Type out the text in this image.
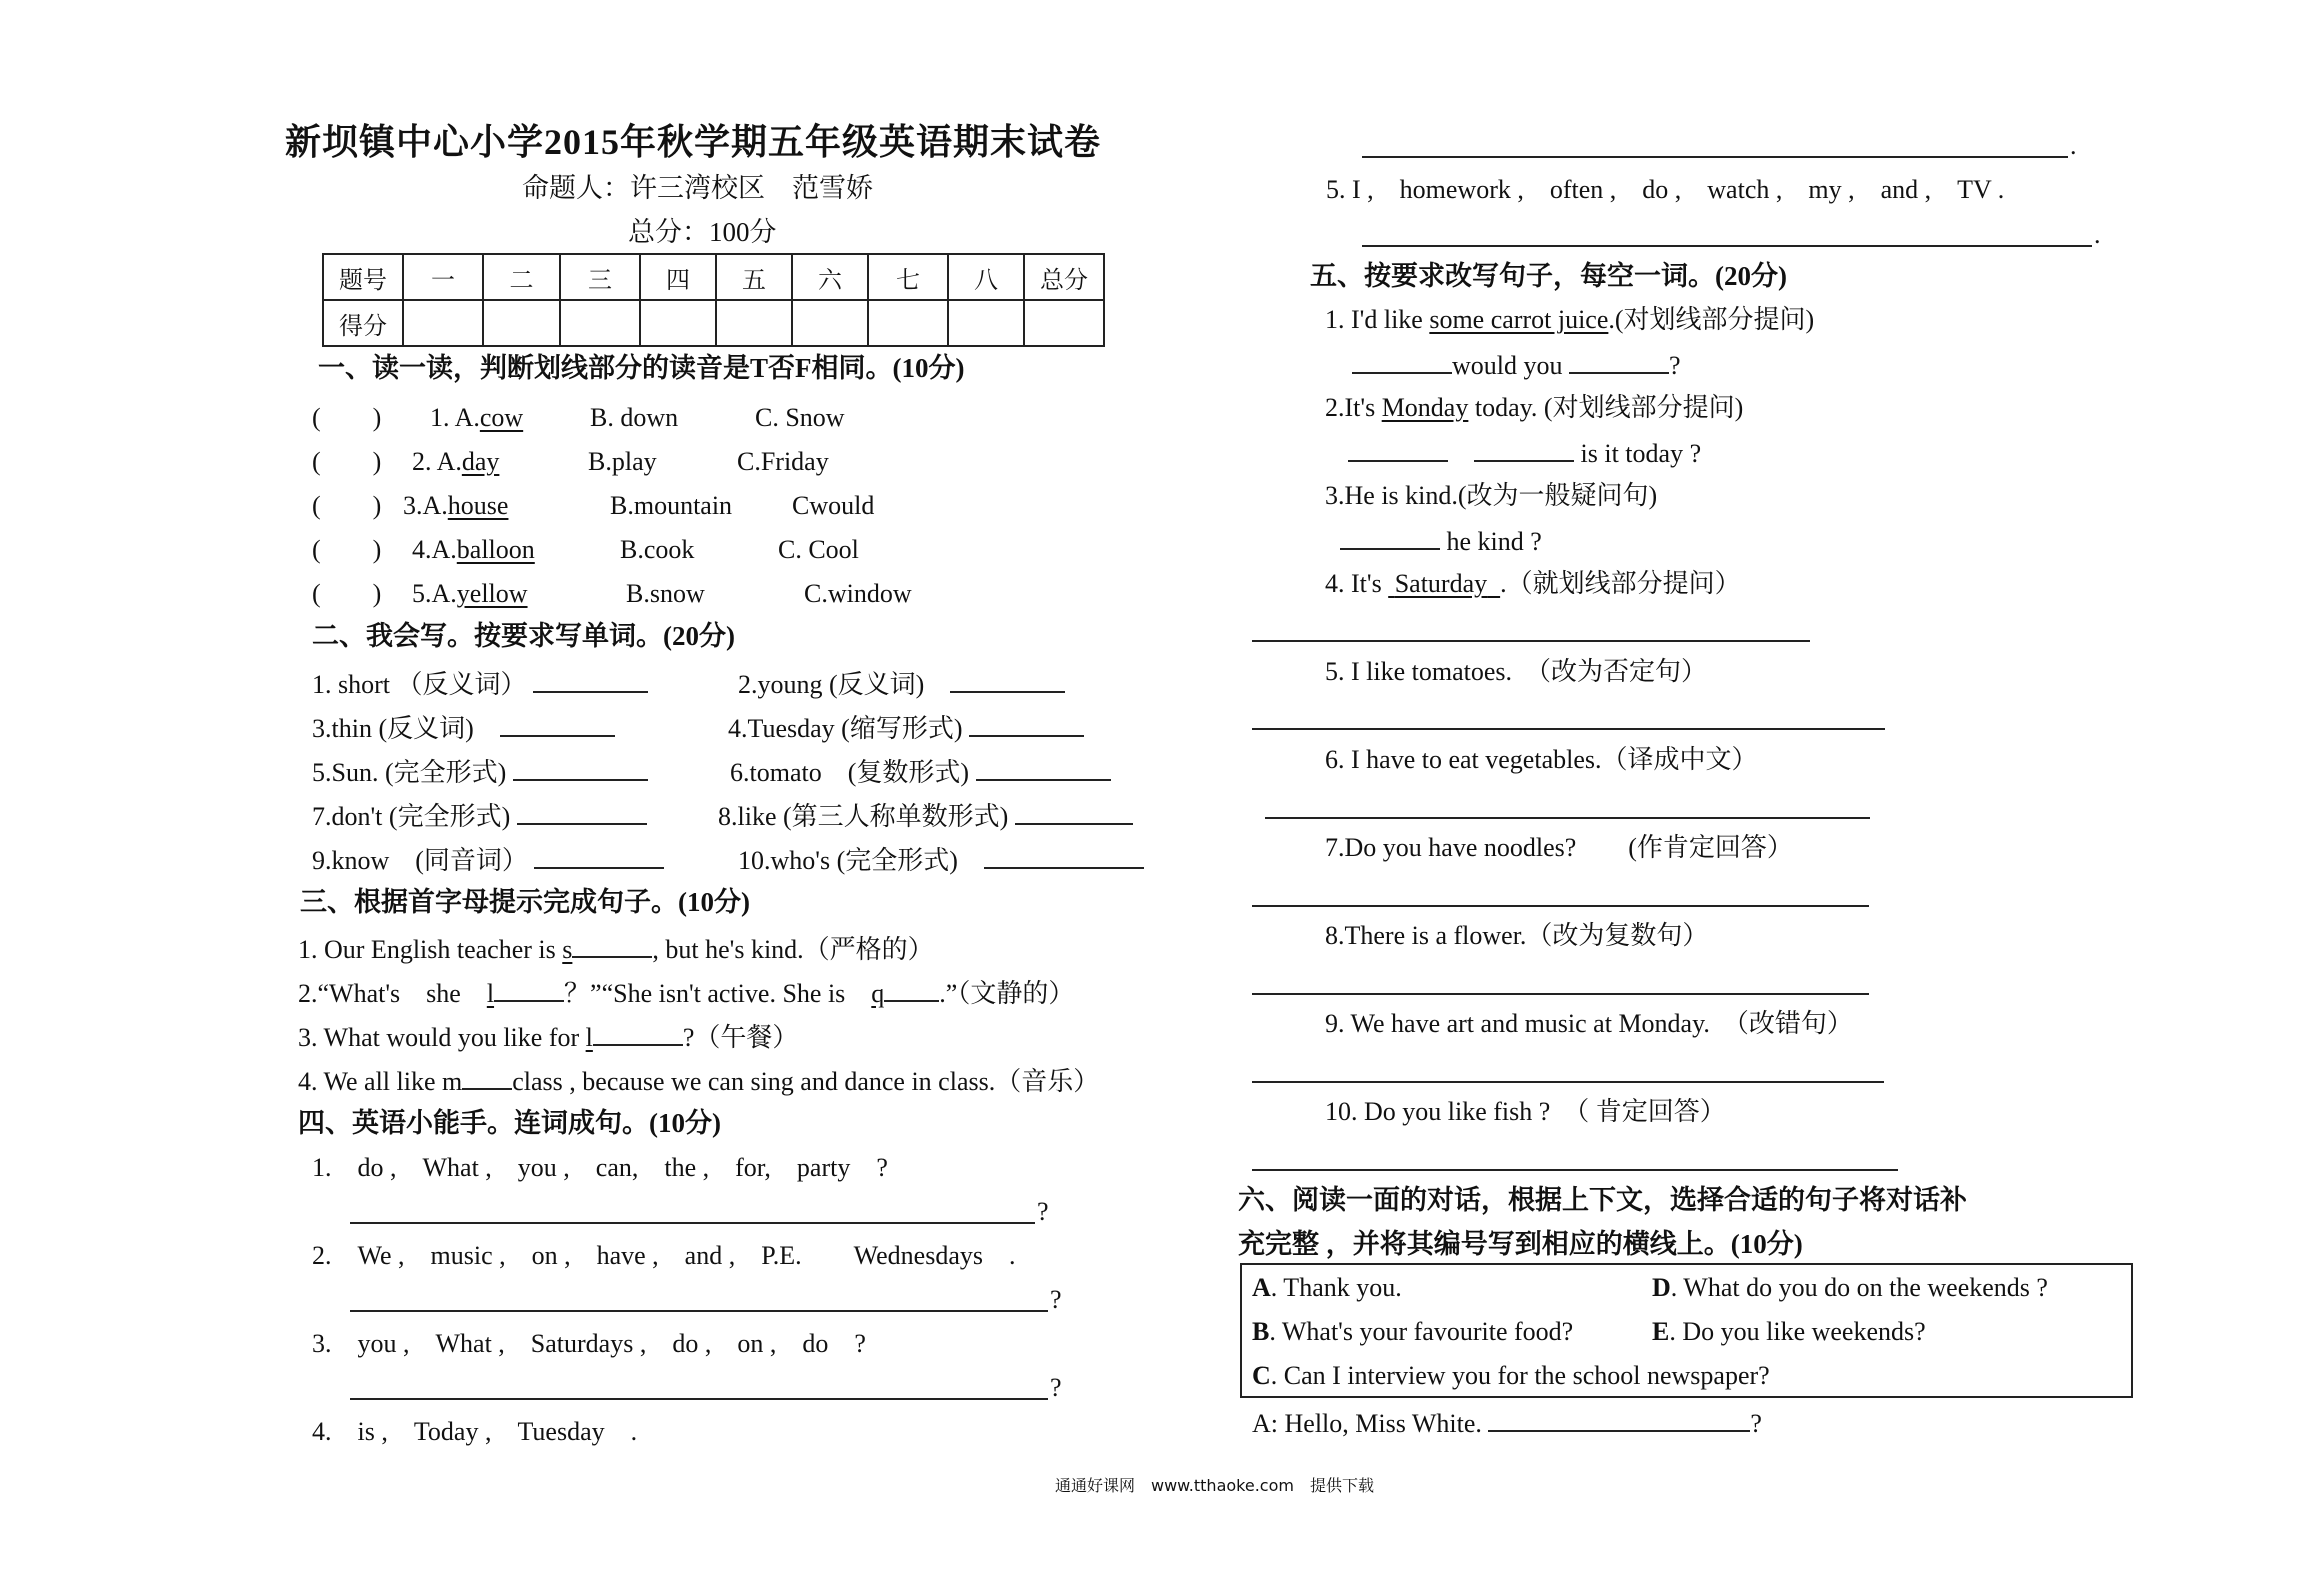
新坝镇中心小学2015年秋学期五年级英语期末试卷
命题人：许三湾校区　范雪娇
总分：100分
题号	一	二	三	四	五	六	七	八	总分
得分									
一、读一读，判断划线部分的读音是T否F相同。(10分)
(　　) 1. A.cow	B. down	C. Snow
(　　) 2. A.day	B.play	C.Friday
(　　) 3.A.house	B.mountain Cwould
(　　) 4.A.balloon	B.cook	C. Cool
(　　) 5.A.yellow	B.snow	C.window
二、我会写。按要求写单词。(20分)
1. short （反义词）	2.young (反义词)　
3.thin (反义词)　	4.Tuesday (缩写形式)
5.Sun. (完全形式)	6.tomato　(复数形式)
7.don't (完全形式)	8.like (第三人称单数形式)
9.know　(同音词）	10.who's (完全形式)　
三、根据首字母提示完成句子。(10分)
1. Our English teacher is s	, but he's kind.（严格的）
2.“What's　she　l	？”“She isn't active. She is　q .”（文静的）
3. What would you like for l	?（午餐）
4. We all like m class , because we can sing and dance in class.（音乐）
四、英语小能手。连词成句。(10分)
1.　do ,　What ,　you ,　can,　the ,　for,　party　?
?
2.　We ,　music ,　on ,　have ,　and ,　P.E.　　Wednesdays　.
?
3.　you ,　What ,　Saturdays ,　do ,　on ,　do　?
?
4.　is ,　Today ,　Tuesday　.
.
5. I ,　homework ,　often ,　do ,　watch ,　my ,　and ,　TV .
.
五、按要求改写句子，每空一词。(20分)
1. I'd like some carrot juice.(对划线部分提问)
would you	?
2.It's Monday today. (对划线部分提问)
　 is it today ?
3.He is kind.(改为一般疑问句)
he kind ?
4. It's  Saturday .（就划线部分提问）
5. I like tomatoes.　（改为否定句）
6. I have to eat vegetables.（译成中文）
7.Do you have noodles?　　(作肯定回答）
8.There is a flower.（改为复数句）
9. We have art and music at Monday.　（改错句）
10. Do you like fish ?　（ 肯定回答）
六、阅读一面的对话，根据上下文，选择合适的句子将对话补
充完整 ，并将其编号写到相应的横线上。(10分)
A. Thank you.	D. What do you do on the weekends ?
B. What's your favourite food?	E. Do you like weekends?
C. Can I interview you for the school newspaper?
A: Hello, Miss White.	?
通通好课网　www.tthaoke.com　提供下载
